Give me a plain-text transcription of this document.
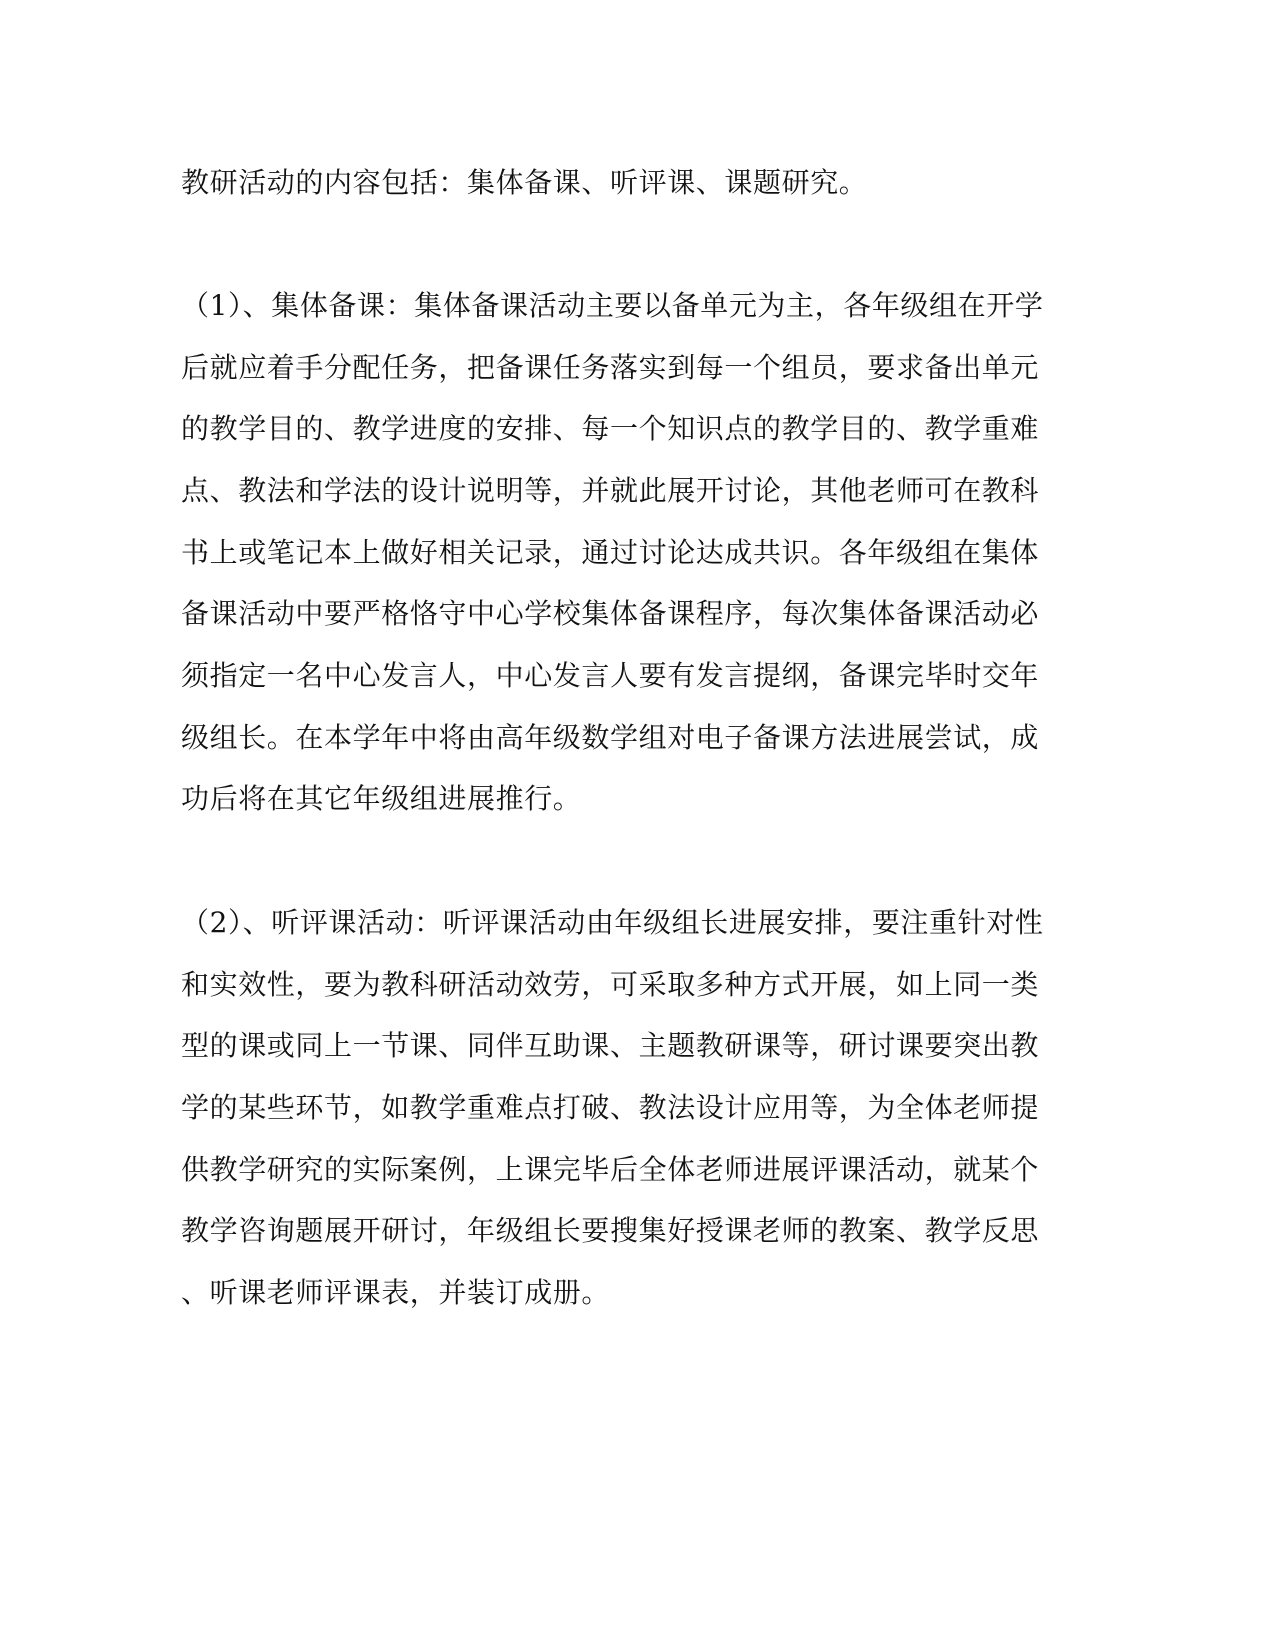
教研活动的内容包括：集体备课、听评课、课题研究。
（1）、集体备课：集体备课活动主要以备单元为主，各年级组在开学
后就应着手分配任务，把备课任务落实到每一个组员，要求备出单元
的教学目的、教学进度的安排、每一个知识点的教学目的、教学重难
点、教法和学法的设计说明等，并就此展开讨论，其他老师可在教科
书上或笔记本上做好相关记录，通过讨论达成共识。各年级组在集体
备课活动中要严格恪守中心学校集体备课程序，每次集体备课活动必
须指定一名中心发言人，中心发言人要有发言提纲，备课完毕时交年
级组长。在本学年中将由高年级数学组对电子备课方法进展尝试，成
功后将在其它年级组进展推行。
（2）、听评课活动：听评课活动由年级组长进展安排，要注重针对性
和实效性，要为教科研活动效劳，可采取多种方式开展，如上同一类
型的课或同上一节课、同伴互助课、主题教研课等，研讨课要突出教
学的某些环节，如教学重难点打破、教法设计应用等，为全体老师提
供教学研究的实际案例，上课完毕后全体老师进展评课活动，就某个
教学咨询题展开研讨，年级组长要搜集好授课老师的教案、教学反思
、听课老师评课表，并装订成册。
